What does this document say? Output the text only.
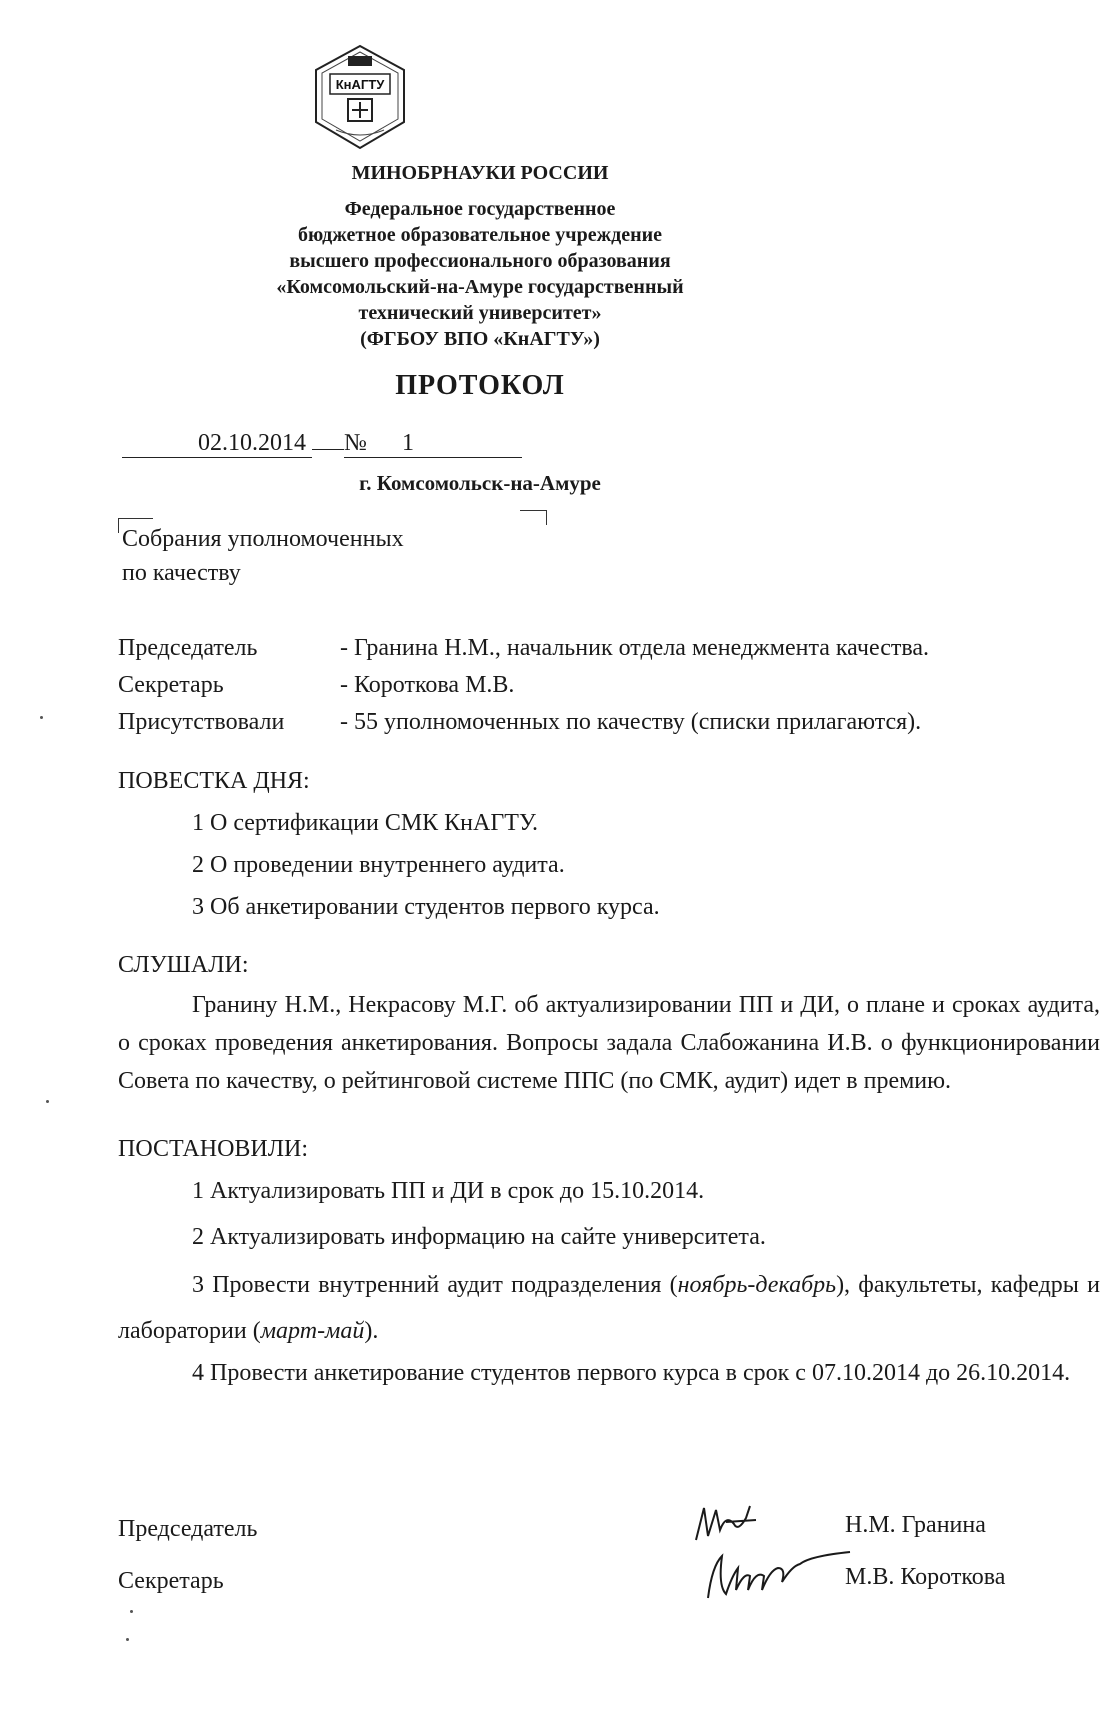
КнАГТУ
МИНОБРНАУКИ РОССИИ
Федеральное государственное
бюджетное образовательное учреждение
высшего профессионального образования
«Комсомольский-на-Амуре государственный
технический университет»
(ФГБОУ ВПО «КнАГТУ»)
ПРОТОКОЛ
02.10.2014 № 1
г. Комсомольск-на-Амуре
Собрания уполномоченных
по качеству
Председатель	- Гранина Н.М., начальник отдела менеджмента качества.
Секретарь	- Короткова М.В.
Присутствовали - 55 уполномоченных по качеству (списки прилагаются).
ПОВЕСТКА ДНЯ:
1 О сертификации СМК КнАГТУ.
2 О проведении внутреннего аудита.
3 Об анкетировании студентов первого курса.
СЛУШАЛИ:
Гранину Н.М., Некрасову М.Г. об актуализировании ПП и ДИ, о плане и сроках аудита, о сроках проведения анкетирования. Вопросы задала Слабожанина И.В. о функционировании Совета по качеству, о рейтинговой системе ППС (по СМК, аудит) идет в премию.
ПОСТАНОВИЛИ:
1 Актуализировать ПП и ДИ в срок до 15.10.2014.
2 Актуализировать информацию на сайте университета.
3 Провести внутренний аудит подразделения (ноябрь-декабрь), факультеты, кафедры и лаборатории (март-май).
4 Провести анкетирование студентов первого курса в срок с 07.10.2014 до 26.10.2014.
Председатель	Н.М. Гранина
Секретарь	М.В. Короткова
